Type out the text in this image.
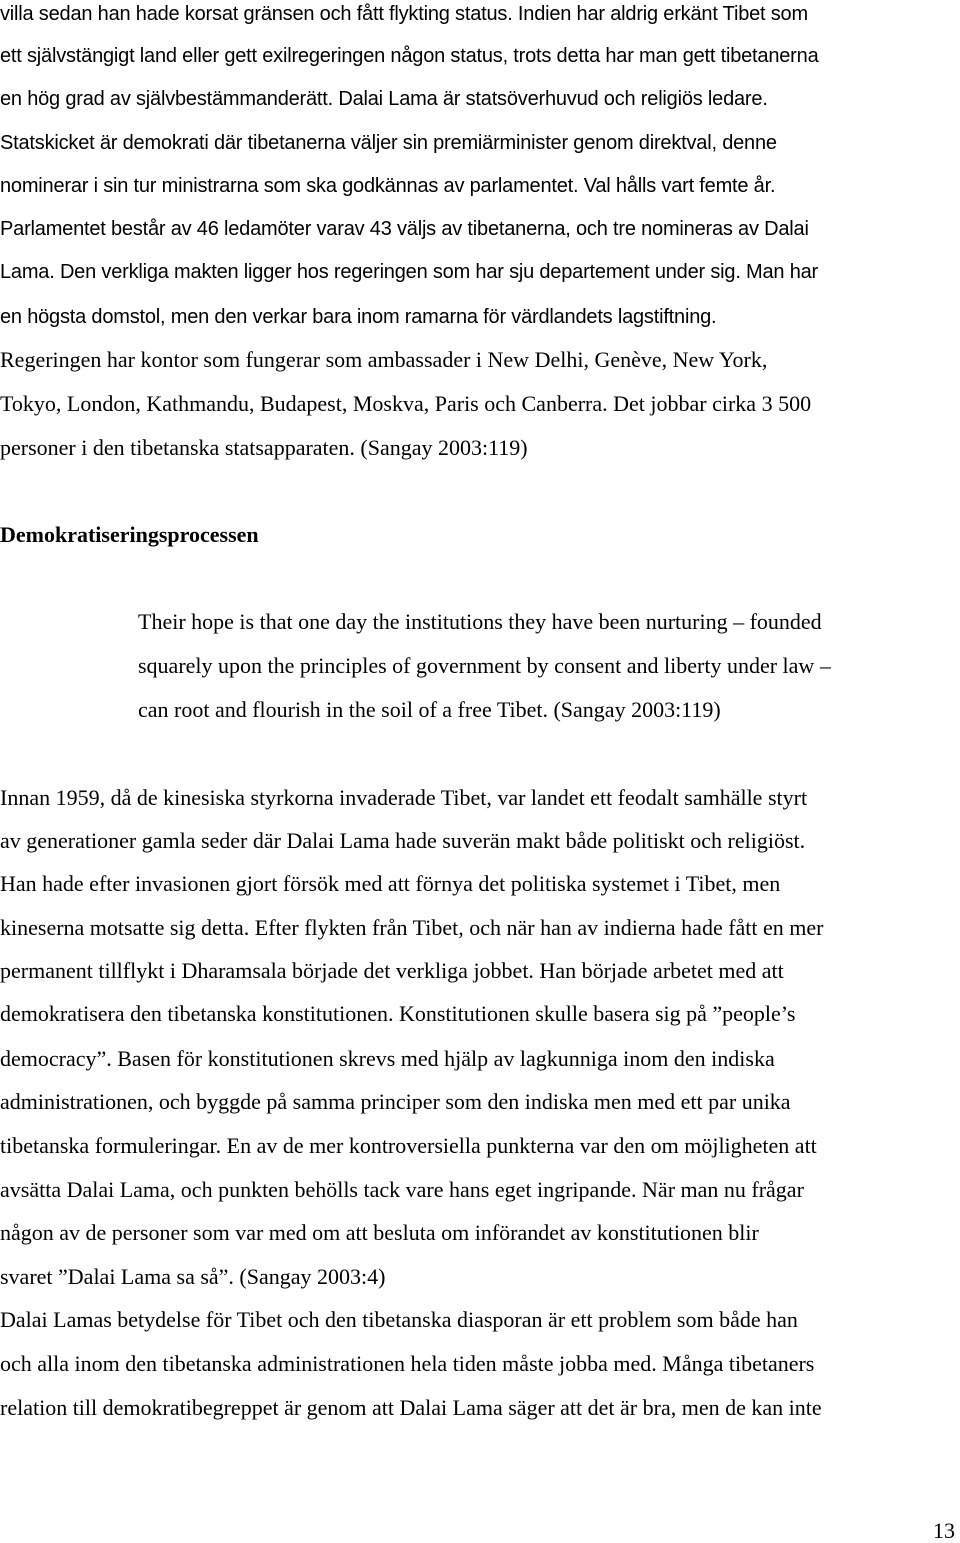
villa sedan han hade korsat gränsen och fått flykting status. Indien har aldrig erkänt Tibet som
ett självstängigt land eller gett exilregeringen någon status, trots detta har man gett tibetanerna
en hög grad av självbestämmanderätt. Dalai Lama är statsöverhuvud och religiös ledare.
Statskicket är demokrati där tibetanerna väljer sin premiärminister genom direktval, denne
nominerar i sin tur ministrarna som ska godkännas av parlamentet. Val hålls vart femte år.
Parlamentet består av 46 ledamöter varav 43 väljs av tibetanerna, och tre nomineras av Dalai
Lama. Den verkliga makten ligger hos regeringen som har sju departement under sig. Man har
en högsta domstol, men den verkar bara inom ramarna för värdlandets lagstiftning.
Regeringen har kontor som fungerar som ambassader i New Delhi, Genève, New York,
Tokyo, London, Kathmandu, Budapest, Moskva, Paris och Canberra. Det jobbar cirka 3 500
personer i den tibetanska statsapparaten. (Sangay 2003:119)
Demokratiseringsprocessen
Their hope is that one day the institutions they have been nurturing – founded
squarely upon the principles of government by consent and liberty under law –
can root and flourish in the soil of a free Tibet. (Sangay 2003:119)
Innan 1959, då de kinesiska styrkorna invaderade Tibet, var landet ett feodalt samhälle styrt
av generationer gamla seder där Dalai Lama hade suverän makt både politiskt och religiöst.
Han hade efter invasionen gjort försök med att förnya det politiska systemet i Tibet, men
kineserna motsatte sig detta. Efter flykten från Tibet, och när han av indierna hade fått en mer
permanent tillflykt i Dharamsala började det verkliga jobbet. Han började arbetet med att
demokratisera den tibetanska konstitutionen. Konstitutionen skulle basera sig på ”people’s
democracy”. Basen för konstitutionen skrevs med hjälp av lagkunniga inom den indiska
administrationen, och byggde på samma principer som den indiska men med ett par unika
tibetanska formuleringar. En av de mer kontroversiella punkterna var den om möjligheten att
avsätta Dalai Lama, och punkten behölls tack vare hans eget ingripande. När man nu frågar
någon av de personer som var med om att besluta om införandet av konstitutionen blir
svaret ”Dalai Lama sa så”. (Sangay 2003:4)
Dalai Lamas betydelse för Tibet och den tibetanska diasporan är ett problem som både han
och alla inom den tibetanska administrationen hela tiden måste jobba med. Många tibetaners
relation till demokratibegreppet är genom att Dalai Lama säger att det är bra, men de kan inte
13
